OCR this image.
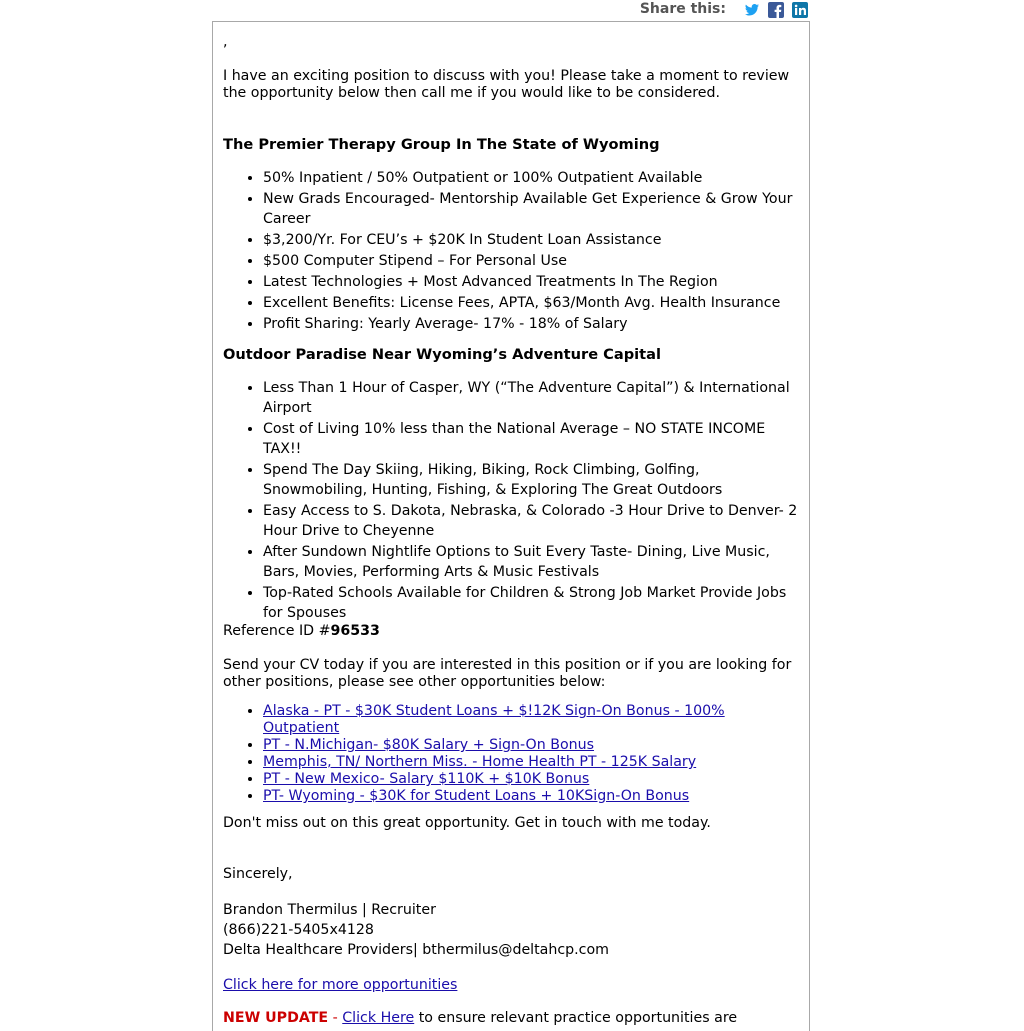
Share this:

,

I have an exciting position to discuss with you! Please take a moment to review the opportunity below then call me if you would like to be considered.

The Premier Therapy Group In The State of Wyoming

• 50% Inpatient / 50% Outpatient or 100% Outpatient Available
• New Grads Encouraged- Mentorship Available Get Experience & Grow Your Career
• $3,200/Yr. For CEU’s + $20K In Student Loan Assistance
• $500 Computer Stipend – For Personal Use
• Latest Technologies + Most Advanced Treatments In The Region
• Excellent Benefits: License Fees, APTA, $63/Month Avg. Health Insurance
• Profit Sharing: Yearly Average- 17% - 18% of Salary

Outdoor Paradise Near Wyoming’s Adventure Capital

• Less Than 1 Hour of Casper, WY (“The Adventure Capital”) & International Airport
• Cost of Living 10% less than the National Average – NO STATE INCOME TAX!!
• Spend The Day Skiing, Hiking, Biking, Rock Climbing, Golfing, Snowmobiling, Hunting, Fishing, & Exploring The Great Outdoors
• Easy Access to S. Dakota, Nebraska, & Colorado -3 Hour Drive to Denver- 2 Hour Drive to Cheyenne
• After Sundown Nightlife Options to Suit Every Taste- Dining, Live Music, Bars, Movies, Performing Arts & Music Festivals
• Top-Rated Schools Available for Children & Strong Job Market Provide Jobs for Spouses

Reference ID #96533

Send your CV today if you are interested in this position or if you are looking for other positions, please see other opportunities below:

• Alaska - PT - $30K Student Loans + $!12K Sign-On Bonus - 100% Outpatient
• PT - N.Michigan- $80K Salary + Sign-On Bonus
• Memphis, TN/ Northern Miss. - Home Health PT - 125K Salary
• PT - New Mexico- Salary $110K + $10K Bonus
• PT- Wyoming - $30K for Student Loans + 10KSign-On Bonus

Don't miss out on this great opportunity. Get in touch with me today.

Sincerely,

Brandon Thermilus | Recruiter
(866)221-5405x4128
Delta Healthcare Providers| bthermilus@deltahcp.com

Click here for more opportunities

NEW UPDATE - Click Here to ensure relevant practice opportunities are
